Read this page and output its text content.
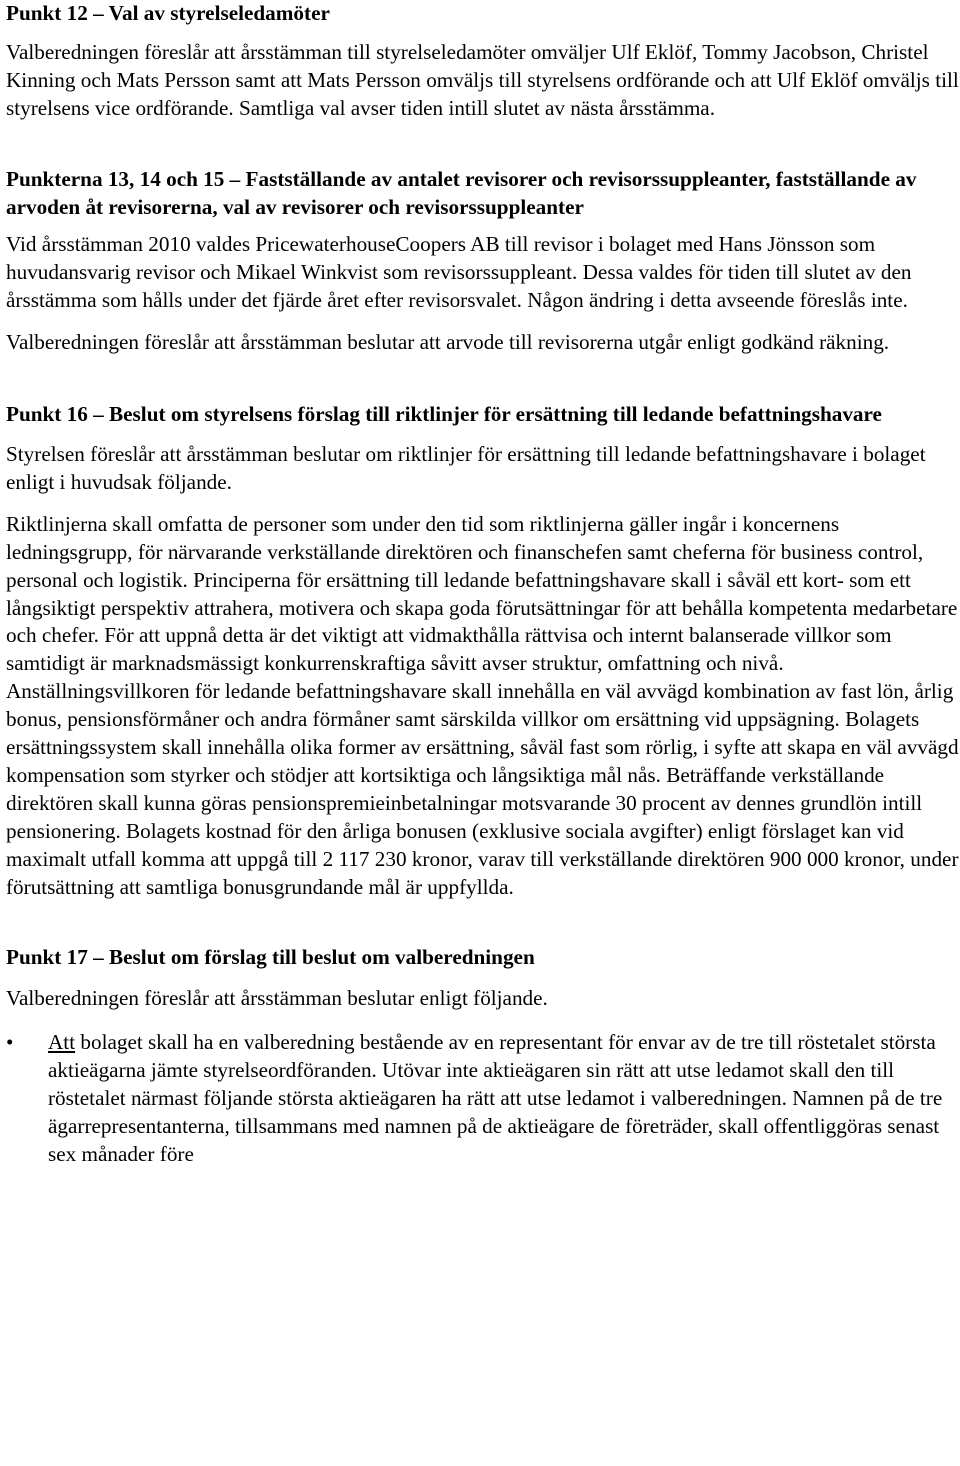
Punkt 12 – Val av styrelseledamöter

Valberedningen föreslår att årsstämman till styrelseledamöter omväljer Ulf Eklöf, Tommy Jacobson, Christel Kinning och Mats Persson samt att Mats Persson omväljs till styrelsens ordförande och att Ulf Eklöf omväljs till styrelsens vice ordförande. Samtliga val avser tiden intill slutet av nästa årsstämma.

Punkterna 13, 14 och 15 – Fastställande av antalet revisorer och revisorssuppleanter, fastställande av arvoden åt revisorerna, val av revisorer och revisorssuppleanter

Vid årsstämman 2010 valdes PricewaterhouseCoopers AB till revisor i bolaget med Hans Jönsson som huvudansvarig revisor och Mikael Winkvist som revisorssuppleant. Dessa valdes för tiden till slutet av den årsstämma som hålls under det fjärde året efter revisorsvalet. Någon ändring i detta avseende föreslås inte.

Valberedningen föreslår att årsstämman beslutar att arvode till revisorerna utgår enligt godkänd räkning.

Punkt 16 – Beslut om styrelsens förslag till riktlinjer för ersättning till ledande befattningshavare

Styrelsen föreslår att årsstämman beslutar om riktlinjer för ersättning till ledande befattningshavare i bolaget enligt i huvudsak följande.

Riktlinjerna skall omfatta de personer som under den tid som riktlinjerna gäller ingår i koncernens ledningsgrupp, för närvarande verkställande direktören och finanschefen samt cheferna för business control, personal och logistik. Principerna för ersättning till ledande befattningshavare skall i såväl ett kort- som ett långsiktigt perspektiv attrahera, motivera och skapa goda förutsättningar för att behålla kompetenta medarbetare och chefer. För att uppnå detta är det viktigt att vidmakthålla rättvisa och internt balanserade villkor som samtidigt är marknadsmässigt konkurrenskraftiga såvitt avser struktur, omfattning och nivå. Anställningsvillkoren för ledande befattningshavare skall innehålla en väl avvägd kombination av fast lön, årlig bonus, pensionsförmåner och andra förmåner samt särskilda villkor om ersättning vid uppsägning. Bolagets ersättningssystem skall innehålla olika former av ersättning, såväl fast som rörlig, i syfte att skapa en väl avvägd kompensation som styrker och stödjer att kortsiktiga och långsiktiga mål nås. Beträffande verkställande direktören skall kunna göras pensionspremieinbetalningar motsvarande 30 procent av dennes grundlön intill pensionering. Bolagets kostnad för den årliga bonusen (exklusive sociala avgifter) enligt förslaget kan vid maximalt utfall komma att uppgå till 2 117 230 kronor, varav till verkställande direktören 900 000 kronor, under förutsättning att samtliga bonusgrundande mål är uppfyllda.

Punkt 17 – Beslut om förslag till beslut om valberedningen

Valberedningen föreslår att årsstämman beslutar enligt följande.

• Att bolaget skall ha en valberedning bestående av en representant för envar av de tre till röstetalet största aktieägarna jämte styrelseordföranden. Utövar inte aktieägaren sin rätt att utse ledamot skall den till röstetalet närmast följande största aktieägaren ha rätt att utse ledamot i valberedningen. Namnen på de tre ägarrepresentanterna, tillsammans med namnen på de aktieägare de företräder, skall offentliggöras senast sex månader före
